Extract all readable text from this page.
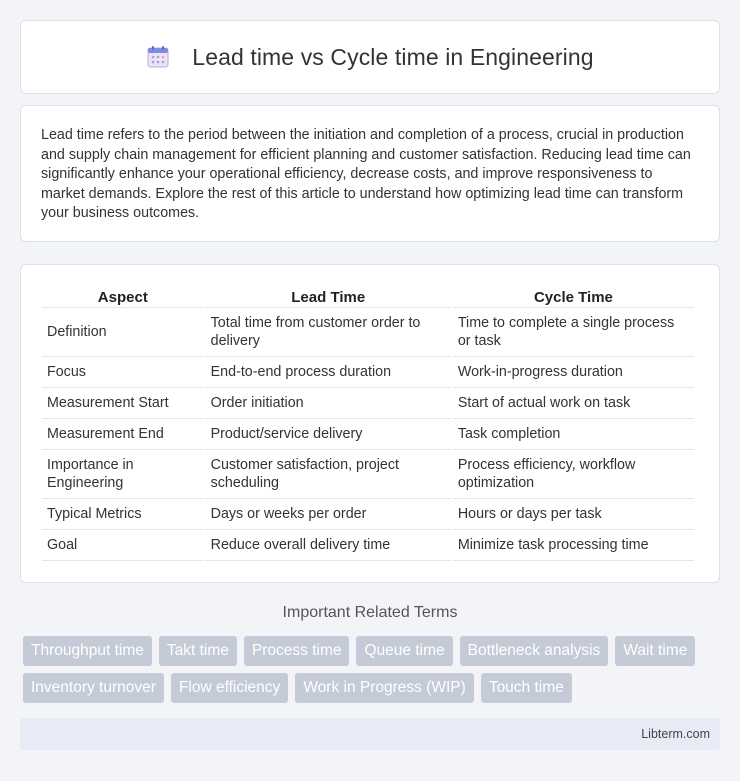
Lead time vs Cycle time in Engineering

Lead time refers to the period between the initiation and completion of a process, crucial in production and supply chain management for efficient planning and customer satisfaction. Reducing lead time can significantly enhance your operational efficiency, decrease costs, and improve responsiveness to market demands. Explore the rest of this article to understand how optimizing lead time can transform your business outcomes.

Aspect	Lead Time	Cycle Time
Definition	Total time from customer order to delivery	Time to complete a single process or task
Focus	End-to-end process duration	Work-in-progress duration
Measurement Start	Order initiation	Start of actual work on task
Measurement End	Product/service delivery	Task completion
Importance in Engineering	Customer satisfaction, project scheduling	Process efficiency, workflow optimization
Typical Metrics	Days or weeks per order	Hours or days per task
Goal	Reduce overall delivery time	Minimize task processing time
Important Related Terms
Throughput time	Takt time	Process time	Queue time	Bottleneck analysis	Wait time
Inventory turnover	Flow efficiency	Work in Progress (WIP)	Touch time
Libterm.com
